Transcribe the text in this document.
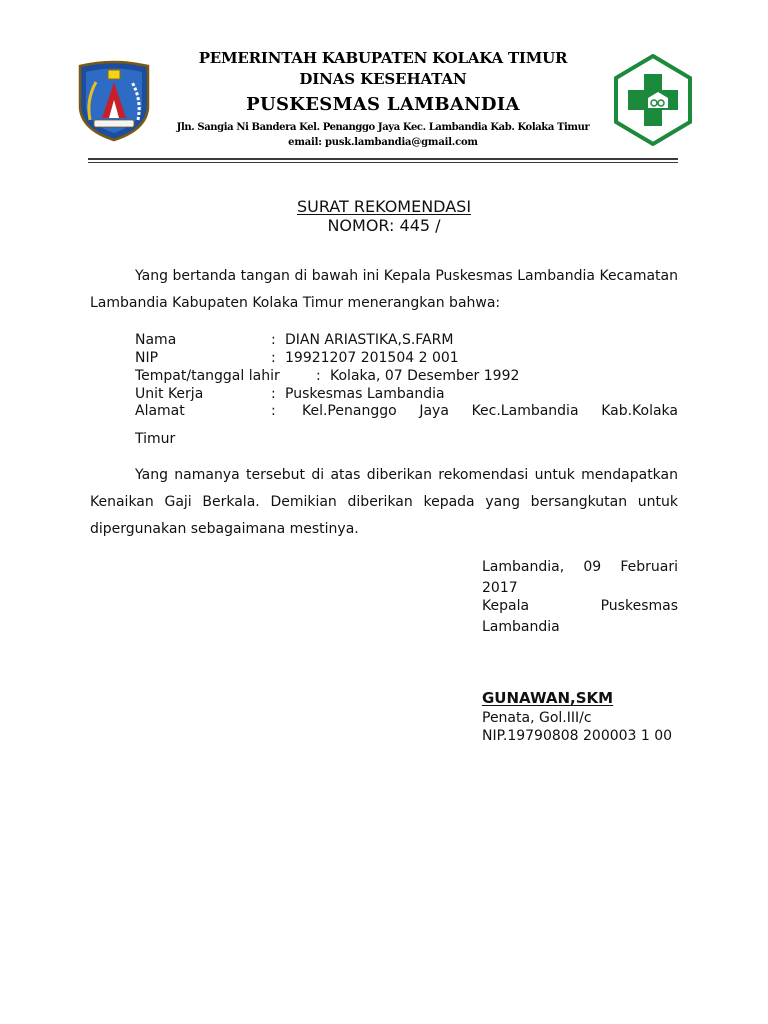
PEMERINTAH KABUPATEN KOLAKA TIMUR
DINAS KESEHATAN
PUSKESMAS LAMBANDIA
Jln. Sangia Ni Bandera Kel. Penanggo Jaya Kec. Lambandia Kab. Kolaka Timur
email: pusk.lambandia@gmail.com
SURAT REKOMENDASI
NOMOR: 445 /
Yang bertanda tangan di bawah ini Kepala Puskesmas Lambandia Kecamatan Lambandia Kabupaten Kolaka Timur menerangkan bahwa:
Nama	: DIAN ARIASTIKA,S.FARM
NIP	: 19921207 201504 2 001
Tempat/tanggal lahir	: Kolaka, 07 Desember 1992
Unit Kerja	: Puskesmas Lambandia
Alamat	: Kel.Penanggo Jaya Kec.Lambandia Kab.Kolaka
Timur
Yang namanya tersebut di atas diberikan rekomendasi untuk mendapatkan Kenaikan Gaji Berkala. Demikian diberikan kepada yang bersangkutan untuk dipergunakan sebagaimana mestinya.
Lambandia, 09 Februari 2017
Kepala Puskesmas Lambandia
GUNAWAN,SKM
Penata, Gol.III/c
NIP.19790808 200003 1 00
